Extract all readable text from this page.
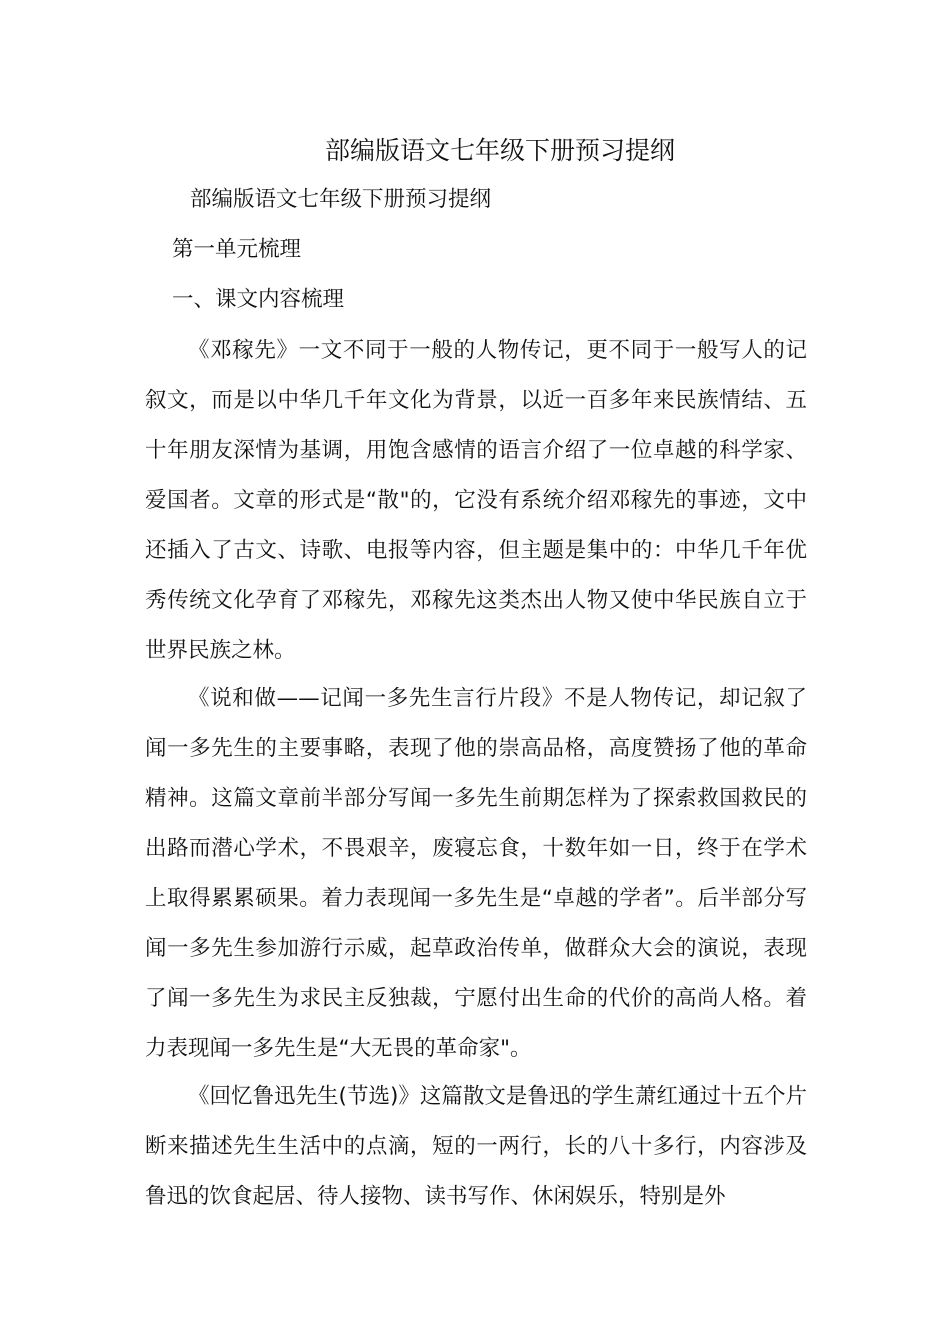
部编版语文七年级下册预习提纲
部编版语文七年级下册预习提纲
第一单元梳理
一、课文内容梳理

《邓稼先》一文不同于一般的人物传记，更不同于一般写人的记叙文，而是以中华几千年文化为背景，以近一百多年来民族情结、五十年朋友深情为基调，用饱含感情的语言介绍了一位卓越的科学家、爱国者。文章的形式是“散"的，它没有系统介绍邓稼先的事迹，文中还插入了古文、诗歌、电报等内容，但主题是集中的：中华几千年优秀传统文化孕育了邓稼先，邓稼先这类杰出人物又使中华民族自立于世界民族之林。

《说和做——记闻一多先生言行片段》不是人物传记，却记叙了闻一多先生的主要事略，表现了他的崇高品格，高度赞扬了他的革命精神。这篇文章前半部分写闻一多先生前期怎样为了探索救国救民的出路而潜心学术，不畏艰辛，废寝忘食，十数年如一日，终于在学术上取得累累硕果。着力表现闻一多先生是“卓越的学者”。后半部分写闻一多先生参加游行示威，起草政治传单，做群众大会的演说，表现了闻一多先生为求民主反独裁，宁愿付出生命的代价的高尚人格。着力表现闻一多先生是“大无畏的革命家"。

《回忆鲁迅先生(节选)》这篇散文是鲁迅的学生萧红通过十五个片断来描述先生生活中的点滴，短的一两行，长的八十多行，内容涉及鲁迅的饮食起居、待人接物、读书写作、休闲娱乐，特别是外
